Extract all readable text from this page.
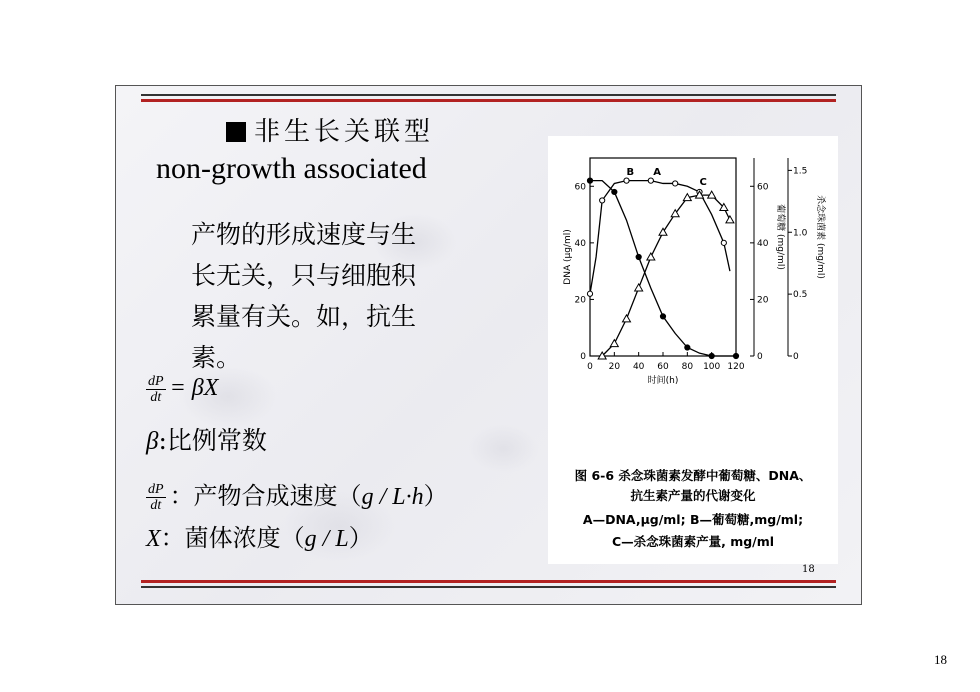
非生长关联型
non-growth associated
产物的形成速度与生
长无关，只与细胞积
累量有关。如，抗生
素。
$\frac{dP}{dt} = \beta X$
β:比例常数
$\frac{dP}{dt}$ ：产物合成速度（g / L·h）
X：菌体浓度（g / L）
0 20 40 60 80 100 120
时间(h)
0
20
40
60
DNA (μg/ml)
0
20
40
60
葡萄糖 (mg/ml)
0
0.5
1.0
1.5
杀念珠菌素 (mg/ml)
A
B
C
图 6-6 杀念珠菌素发酵中葡萄糖、DNA、
抗生素产量的代谢变化
A—DNA,μg/ml; B—葡萄糖,mg/ml;
C—杀念珠菌素产量, mg/ml
18
18
